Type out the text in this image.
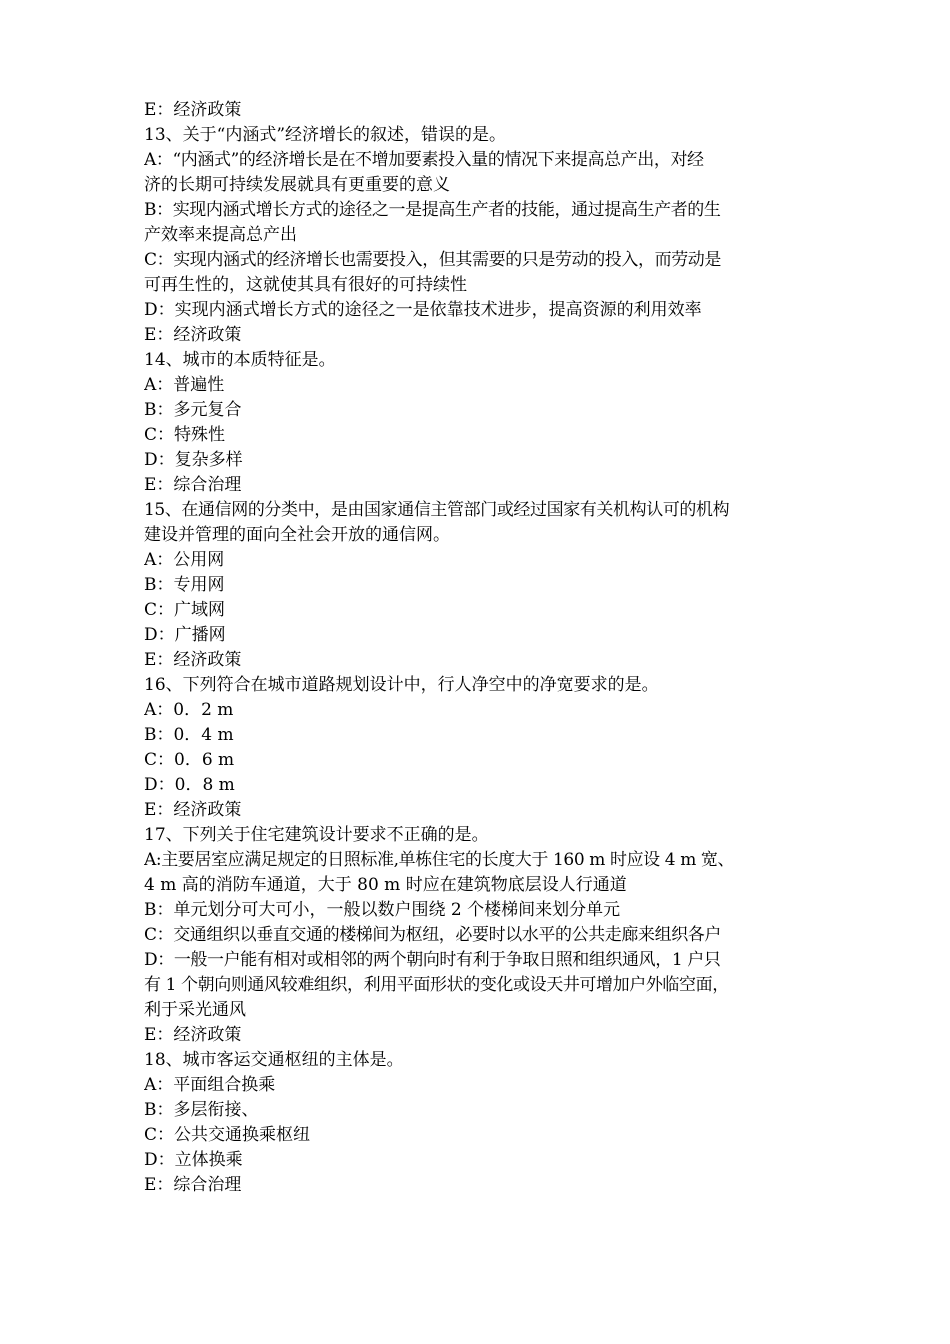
E：经济政策
13、关于“内涵式”经济增长的叙述，错误的是。
A：“内涵式”的经济增长是在不增加要素投入量的情况下来提高总产出，对经
济的长期可持续发展就具有更重要的意义
B：实现内涵式增长方式的途径之一是提高生产者的技能，通过提高生产者的生
产效率来提高总产出
C：实现内涵式的经济增长也需要投入，但其需要的只是劳动的投入，而劳动是
可再生性的，这就使其具有很好的可持续性
D：实现内涵式增长方式的途径之一是依靠技术进步，提高资源的利用效率
E：经济政策
14、城市的本质特征是。
A：普遍性
B：多元复合
C：特殊性
D：复杂多样
E：综合治理
15、在通信网的分类中，是由国家通信主管部门或经过国家有关机构认可的机构
建设并管理的面向全社会开放的通信网。
A：公用网
B：专用网
C：广域网
D：广播网
E：经济政策
16、下列符合在城市道路规划设计中，行人净空中的净宽要求的是。
A：0．2 m
B：0．4 m
C：0．6 m
D：0．8 m
E：经济政策
17、下列关于住宅建筑设计要求不正确的是。
A:主要居室应满足规定的日照标准,单栋住宅的长度大于 160 m 时应设 4 m 宽、
4 m 高的消防车通道，大于 80 m 时应在建筑物底层设人行通道
B：单元划分可大可小，一般以数户围绕 2 个楼梯间来划分单元
C：交通组织以垂直交通的楼梯间为枢纽，必要时以水平的公共走廊来组织各户
D：一般一户能有相对或相邻的两个朝向时有利于争取日照和组织通风，1 户只
有 1 个朝向则通风较难组织，利用平面形状的变化或设天井可增加户外临空面，
利于采光通风
E：经济政策
18、城市客运交通枢纽的主体是。
A：平面组合换乘
B：多层衔接、
C：公共交通换乘枢纽
D：立体换乘
E：综合治理
